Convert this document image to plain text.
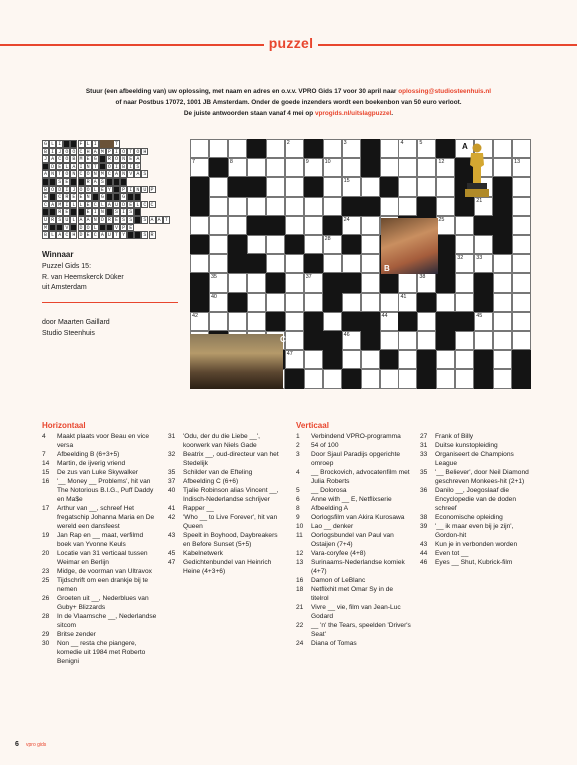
puzzel
Stuur (een afbeelding van) uw oplossing, met naam en adres en o.v.v. VPRO Gids 17 voor 30 april naar oplossing@studiosteenhuis.nl
of naar Postbus 17072, 1001 JB Amsterdam. Onder de goede inzenders wordt een boekenbon van 50 euro verloot.
De juiste antwoorden staan vanaf 4 mei op vprogids.nl/uitslagpuzzel.
G L I	F L I	T
B I J O O C H A M P I O T O H
J A C O B M E G	R O N E A
D E L A I N T	O I B I S
A N T O N C O N M C A N V A S
S E	R A S
B O D I J O O L E Y	P I N U P
E	C R E E N	G	G
C A M I L L E C L A U D E L C C
R E	E I N	S I S
U R S U L A A N D R E S S	S A A T
M	V	D O L	V P E
B L A C H D E C A U T Y	S R
Winnaar
Puzzel Gids 15:
R. van Heemskerck Düker
uit Amsterdam
door Maarten Gaillard
Studio Steenhuis
2	3	4	5
7	8	9	10	12	13
15
21
24	25
28
32 33
35	37	38
40	41
42	44	45
46
47
A
B
C
Horizontaal
4	Maakt plaats voor Beau en vice versa
7	Afbeelding B (6+3+5)
14	Martin, de ijverig vriend
15	De zus van Luke Skywalker
16	'__ Money __ Problems', hit van The Notorious B.I.G., Puff Daddy en Ma$e
17	Arthur van __, schreef Het fregatschip Johanna Maria en De wereld een dansfeest
19	Jan Rap en __ maat, verfilmd boek van Yvonne Keuls
20	Locatie van 31 verticaal tussen Weimar en Berlijn
23	Midge, de voorman van Ultravox
25	Tijdschrift om een drankje bij te nemen
26	Groeten uit __, Nederblues van Guby+ Blizzards
28	In de Vlaamsche __, Nederlandse sitcom
29	Britse zender
30	Non __ resta che piangere, komedie uit 1984 met Roberto Benigni
31	'Odu, der du die Liebe __', koorwerk van Niels Gade
32	Beatrix __, oud-directeur van het Stedelijk
35	Schilder van de Efteling
37	Afbeelding C (6+6)
40	Tjalie Robinson alias Vincent __, Indisch-Nederlandse schrijver
41	Rapper __
42	'Who __ to Live Forever', hit van Queen
43	Speelt in Boyhood, Daybreakers en Before Sunset (5+5)
45	Kabelnetwerk
47	Gedichtenbundel van Heinrich Heine (4+3+6)
Verticaal
1	Verbindend VPRO-programma
2	54 of 100
3	Door Sjaul Paradijs opgerichte omroep
4	__ Brockovich, advocatenfilm met Julia Roberts
5	__ Dolorosa
6	Anne with __ E, Netflixserie
8	Afbeelding A
9	Oorlogsfilm van Akira Kurosawa
10	Lao __ denker
11	Oorlogsbundel van Paul van Ostaijen (7+4)
12	Vara-coryfee (4+8)
13	Surinaams-Nederlandse komiek (4+7)
16	Damon of LeBlanc
18	Netflixhit met Omar Sy in de titelrol
21	Vivre __ vie, film van Jean-Luc Godard
22	__ 'n' the Tears, speelden 'Driver's Seat'
24	Diana of Tomas
27	Frank of Billy
31	Duitse kunstopleiding
33	Organiseert de Champions League
35	'__ Believer', door Neil Diamond geschreven Monkees-hit (2+1)
36	Danilo __, Joegoslaaf die Encyclopedie van de doden schreef
38	Economische opleiding
39	'__ ik maar even bij je zijn', Gordon-hit
43	Kun je in verbonden worden
44	Even tot __
46	Eyes __ Shut, Kubrick-film
6 vpro gids
